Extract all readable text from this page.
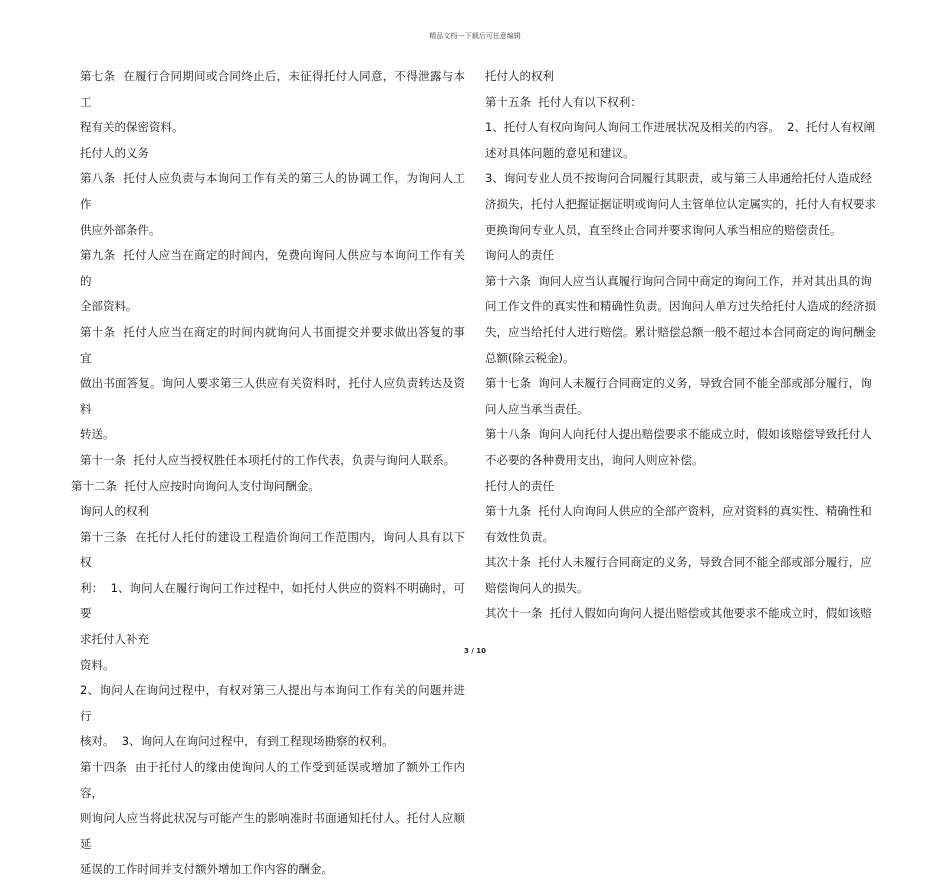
精品文档---下载后可任意编辑

第七条  在履行合同期间或合同终止后，未征得托付人同意，不得泄露与本工

程有关的保密资料。

托付人的义务

第八条  托付人应负责与本询问工作有关的第三人的协调工作，为询问人工作

供应外部条件。

第九条  托付人应当在商定的时间内，免费向询问人供应与本询问工作有关的

全部资料。

第十条  托付人应当在商定的时间内就询问人书面提交并要求做出答复的事宜

做出书面答复。询问人要求第三人供应有关资料时，托付人应负责转达及资料

转送。

第十一条  托付人应当授权胜任本项托付的工作代表，负责与询问人联系。

第十二条  托付人应按时向询问人支付询问酬金。

询问人的权利

第十三条  在托付人托付的建设工程造价询问工作范围内，询问人具有以下权

利：  1、询问人在履行询问工作过程中，如托付人供应的资料不明确时，可要

求托付人补充

资料。

2、询问人在询问过程中，有权对第三人提出与本询问工作有关的问题并进行

核对。  3、询问人在询问过程中，有到工程现场勘察的权利。

第十四条  由于托付人的缘由使询问人的工作受到延误或增加了额外工作内容，

则询问人应当将此状况与可能产生的影响准时书面通知托付人。托付人应顺延

延误的工作时间并支付额外增加工作内容的酬金。

托付人的权利

第十五条  托付人有以下权利：

1、托付人有权向询问人询问工作进展状况及相关的内容。  2、托付人有权阐

述对具体问题的意见和建议。

3、询问专业人员不按询问合同履行其职责，或与第三人串通给托付人造成经

济损失，托付人把握证据证明或询问人主管单位认定属实的，托付人有权要求

更换询问专业人员，直至终止合同并要求询问人承当相应的赔偿责任。

询问人的责任

第十六条  询问人应当认真履行询问合同中商定的询问工作，并对其出具的询

问工作文件的真实性和精确性负责。因询问人单方过失给托付人造成的经济损

失，应当给托付人进行赔偿。累计赔偿总额一般不超过本合同商定的询问酬金

总额(除云税金)。

第十七条  询问人未履行合同商定的义务，导致合同不能全部或部分履行，询

问人应当承当责任。

第十八条  询问人向托付人提出赔偿要求不能成立时，假如该赔偿导致托付人

不必要的各种费用支出，询问人则应补偿。

托付人的责任

第十九条  托付人向询问人供应的全部产资料，应对资料的真实性、精确性和

有效性负责。

其次十条  托付人未履行合同商定的义务，导致合同不能全部或部分履行，应

赔偿询问人的损失。

其次十一条  托付人假如向询问人提出赔偿或其他要求不能成立时，假如该赔

3 / 10
